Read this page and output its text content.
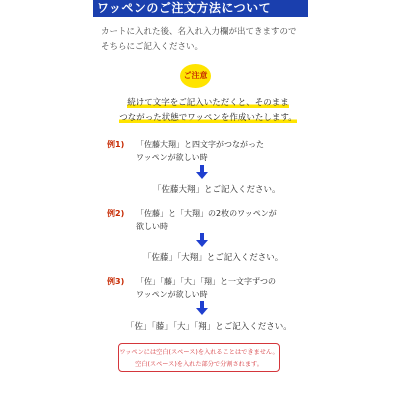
ワッペンのご注文方法について
カートに入れた後、名入れ入力欄が出てきますので
そちらにご記入ください。
ご注意
続けて文字をご記入いただくと、そのまま
つながった状態でワッペンを作成いたします。
例1) 「佐藤大翔」と四文字がつながった
ワッペンが欲しい時
「佐藤大翔」とご記入ください。
例2) 「佐藤」と「大翔」の2枚のワッペンが
欲しい時
「佐藤」「大翔」とご記入ください。
例3) 「佐」「藤」「大」「翔」と一文字ずつの
ワッペンが欲しい時
「佐」「藤」「大」「翔」とご記入ください。
ワッペンには空白(スペース)を入れることはできません。
空白(スペース)を入れた部分で分割されます。
